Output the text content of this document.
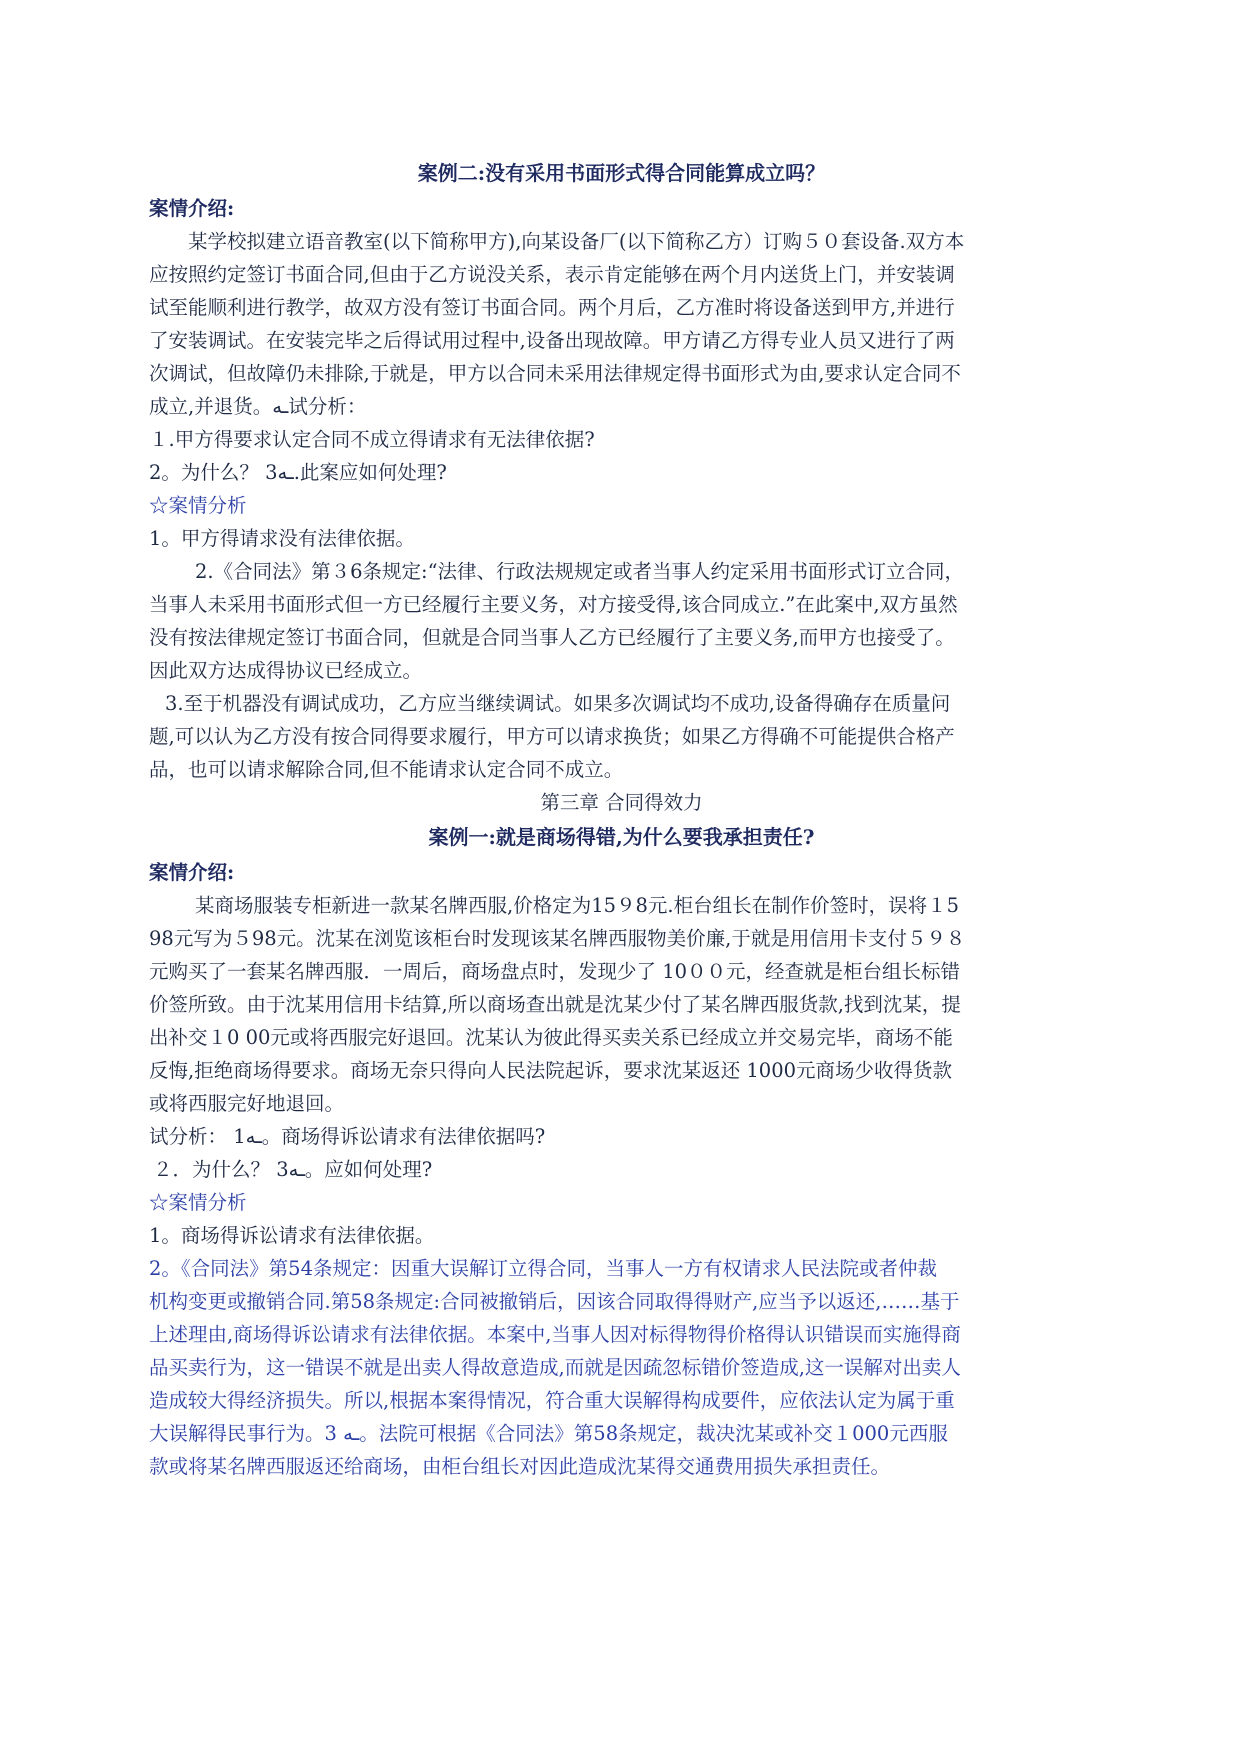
案例二:没有采用书面形式得合同能算成立吗？
案情介绍:
某学校拟建立语音教室(以下简称甲方),向某设备厂(以下简称乙方）订购５０套设备.双方本
应按照约定签订书面合同,但由于乙方说没关系，表示肯定能够在两个月内送货上门，并安装调
试至能顺利进行教学，故双方没有签订书面合同。两个月后，乙方准时将设备送到甲方,并进行
了安装调试。在安装完毕之后得试用过程中,设备出现故障。甲方请乙方得专业人员又进行了两
次调试，但故障仍未排除,于就是，甲方以合同未采用法律规定得书面形式为由,要求认定合同不
成立,并退货。ـه试分析：
１.甲方得要求认定合同不成立得请求有无法律依据?
2。为什么？ 3ـه.此案应如何处理?
☆案情分析
1。甲方得请求没有法律依据。
2.《合同法》第３6条规定:“法律、行政法规规定或者当事人约定采用书面形式订立合同，
当事人未采用书面形式但一方已经履行主要义务，对方接受得,该合同成立.”在此案中,双方虽然
没有按法律规定签订书面合同，但就是合同当事人乙方已经履行了主要义务,而甲方也接受了。
因此双方达成得协议已经成立。
3.至于机器没有调试成功，乙方应当继续调试。如果多次调试均不成功,设备得确存在质量问
题,可以认为乙方没有按合同得要求履行，甲方可以请求换货；如果乙方得确不可能提供合格产
品，也可以请求解除合同,但不能请求认定合同不成立。
第三章 合同得效力
案例一:就是商场得错,为什么要我承担责任?
案情介绍:
某商场服装专柜新进一款某名牌西服,价格定为15９8元.柜台组长在制作价签时，误将１5
98元写为５98元。沈某在浏览该柜台时发现该某名牌西服物美价廉,于就是用信用卡支付５９８
元购买了一套某名牌西服．一周后，商场盘点时，发现少了 10００元，经查就是柜台组长标错
价签所致。由于沈某用信用卡结算,所以商场查出就是沈某少付了某名牌西服货款,找到沈某，提
出补交１0 00元或将西服完好退回。沈某认为彼此得买卖关系已经成立并交易完毕，商场不能
反悔,拒绝商场得要求。商场无奈只得向人民法院起诉，要求沈某返还 1000元商场少收得货款
或将西服完好地退回。
试分析： 1ـه。商场得诉讼请求有法律依据吗?
２．为什么？ 3ـه。应如何处理?
☆案情分析
1。商场得诉讼请求有法律依据。
2。《合同法》第54条规定：因重大误解订立得合同，当事人一方有权请求人民法院或者仲裁
机构变更或撤销合同.第58条规定:合同被撤销后，因该合同取得得财产,应当予以返还,……基于
上述理由,商场得诉讼请求有法律依据。本案中,当事人因对标得物得价格得认识错误而实施得商
品买卖行为，这一错误不就是出卖人得故意造成,而就是因疏忽标错价签造成,这一误解对出卖人
造成较大得经济损失。所以,根据本案得情况，符合重大误解得构成要件，应依法认定为属于重
大误解得民事行为。3 ـه。法院可根据《合同法》第58条规定，裁决沈某或补交１000元西服
款或将某名牌西服返还给商场，由柜台组长对因此造成沈某得交通费用损失承担责任。
